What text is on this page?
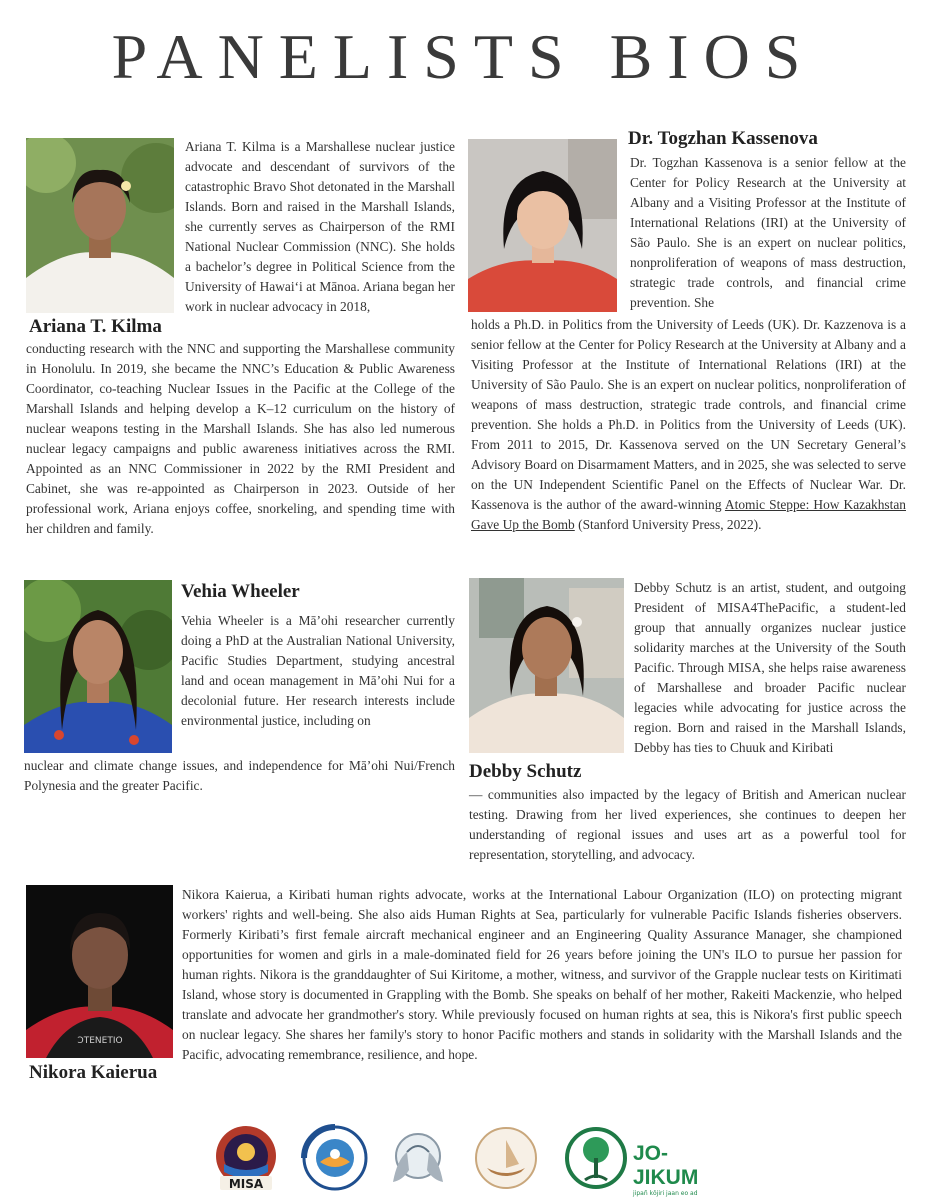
PANELISTS BIOS
Ariana T. Kilma

Ariana T. Kilma is a Marshallese nuclear justice advocate and descendant of survivors of the catastrophic Bravo Shot detonated in the Marshall Islands. Born and raised in the Marshall Islands, she currently serves as Chairperson of the RMI National Nuclear Commission (NNC). She holds a bachelor’s degree in Political Science from the University of Hawaiʻi at Mānoa. Ariana began her work in nuclear advocacy in 2018,

conducting research with the NNC and supporting the Marshallese community in Honolulu. In 2019, she became the NNC’s Education & Public Awareness Coordinator, co-teaching Nuclear Issues in the Pacific at the College of the Marshall Islands and helping develop a K–12 curriculum on the history of nuclear weapons testing in the Marshall Islands. She has also led numerous nuclear legacy campaigns and public awareness initiatives across the RMI. Appointed as an NNC Commissioner in 2022 by the RMI President and Cabinet, she was re-appointed as Chairperson in 2023. Outside of her professional work, Ariana enjoys coffee, snorkeling, and spending time with her children and family.

Dr. Togzhan Kassenova

Dr. Togzhan Kassenova is a senior fellow at the Center for Policy Research at the University at Albany and a Visiting Professor at the Institute of International Relations (IRI) at the University of São Paulo. She is an expert on nuclear politics, nonproliferation of weapons of mass destruction, strategic trade controls, and financial crime prevention. She

holds a Ph.D. in Politics from the University of Leeds (UK). Dr. Kazzenova is a senior fellow at the Center for Policy Research at the University at Albany and a Visiting Professor at the Institute of International Relations (IRI) at the University of São Paulo. She is an expert on nuclear politics, nonproliferation of weapons of mass destruction, strategic trade controls, and financial crime prevention. She holds a Ph.D. in Politics from the University of Leeds (UK). From 2011 to 2015, Dr. Kassenova served on the UN Secretary General’s Advisory Board on Disarmament Matters, and in 2025, she was selected to serve on the UN Independent Scientific Panel on the Effects of Nuclear War. Dr. Kassenova is the author of the award-winning Atomic Steppe: How Kazakhstan Gave Up the Bomb (Stanford University Press, 2022).

Vehia Wheeler

Vehia Wheeler is a Mā’ohi researcher currently doing a PhD at the Australian National University, Pacific Studies Department, studying ancestral land and ocean management in Mā’ohi Nui for a decolonial future. Her research interests include environmental justice, including on

nuclear and climate change issues, and independence for Mā’ohi Nui/French Polynesia and the greater Pacific.

Debby Schutz is an artist, student, and outgoing President of MISA4ThePacific, a student-led group that annually organizes nuclear justice solidarity marches at the University of the South Pacific. Through MISA, she helps raise awareness of Marshallese and broader Pacific nuclear legacies while advocating for justice across the region. Born and raised in the Marshall Islands, Debby has ties to Chuuk and Kiribati

Debby Schutz

— communities also impacted by the legacy of British and American nuclear testing. Drawing from her lived experiences, she continues to deepen her understanding of regional issues and uses art as a powerful tool for representation, storytelling, and advocacy.

ƆTENETIO
Nikora Kaierua

Nikora Kaierua, a Kiribati human rights advocate, works at the International Labour Organization (ILO) on protecting migrant workers' rights and well-being. She also aids Human Rights at Sea, particularly for vulnerable Pacific Islands fisheries observers. Formerly Kiribati’s first female aircraft mechanical engineer and an Engineering Quality Assurance Manager, she championed opportunities for women and girls in a male-dominated field for 26 years before joining the UN's ILO to pursue her passion for human rights. Nikora is the granddaughter of Sui Kiritome, a mother, witness, and survivor of the Grapple nuclear tests on Kiritimati Island, whose story is documented in Grappling with the Bomb. She speaks on behalf of her mother, Rakeiti Mackenzie, who helped translate and advocate her grandmother's story. While previously focused on human rights at sea, this is Nikora's first public speech on nuclear legacy. She shares her family's story to honor Pacific mothers and stands in solidarity with the Marshall Islands and the Pacific, advocating remembrance, resilience, and hope.

MISA
JO-JIKUM
jipañ kōjiri jaan eo ad
